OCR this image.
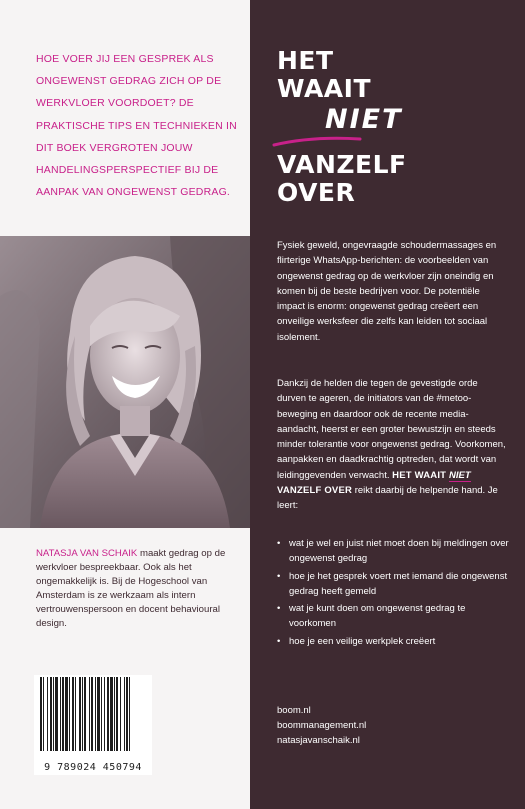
HOE VOER JIJ EEN GESPREK ALS ONGEWENST GEDRAG ZICH OP DE WERKVLOER VOORDOET? DE PRAKTISCHE TIPS EN TECHNIEKEN IN DIT BOEK VERGROTEN JOUW HANDELINGSPERSPECTIEF BIJ DE AANPAK VAN ONGEWENST GEDRAG.

NATASJA VAN SCHAIK maakt gedrag op de werkvloer bespreekbaar. Ook als het ongemakkelijk is. Bij de Hogeschool van Amsterdam is ze werkzaam als intern vertrouwenspersoon en docent behavioural design.

9 789024 450794
HET
WAAIT
NIET
VANZELF
OVER

Fysiek geweld, ongevraagde schoudermassages en flirterige WhatsApp-berichten: de voorbeelden van ongewenst gedrag op de werkvloer zijn oneindig en komen bij de beste bedrijven voor. De potentiële impact is enorm: ongewenst gedrag creëert een onveilige werksfeer die zelfs kan leiden tot sociaal isolement.

Dankzij de helden die tegen de gevestigde orde durven te ageren, de initiators van de #metoo-beweging en daardoor ook de recente media-aandacht, heerst er een groter bewustzijn en steeds minder tolerantie voor ongewenst gedrag. Voorkomen, aanpakken en daadkrachtig optreden, dat wordt van leidinggevenden verwacht. HET WAAIT NIET VANZELF OVER reikt daarbij de helpende hand. Je leert:

• wat je wel en juist niet moet doen bij meldingen over ongewenst gedrag
• hoe je het gesprek voert met iemand die ongewenst gedrag heeft gemeld
• wat je kunt doen om ongewenst gedrag te voorkomen
• hoe je een veilige werkplek creëert
boom.nl
boommanagement.nl
natasjavanschaik.nl
